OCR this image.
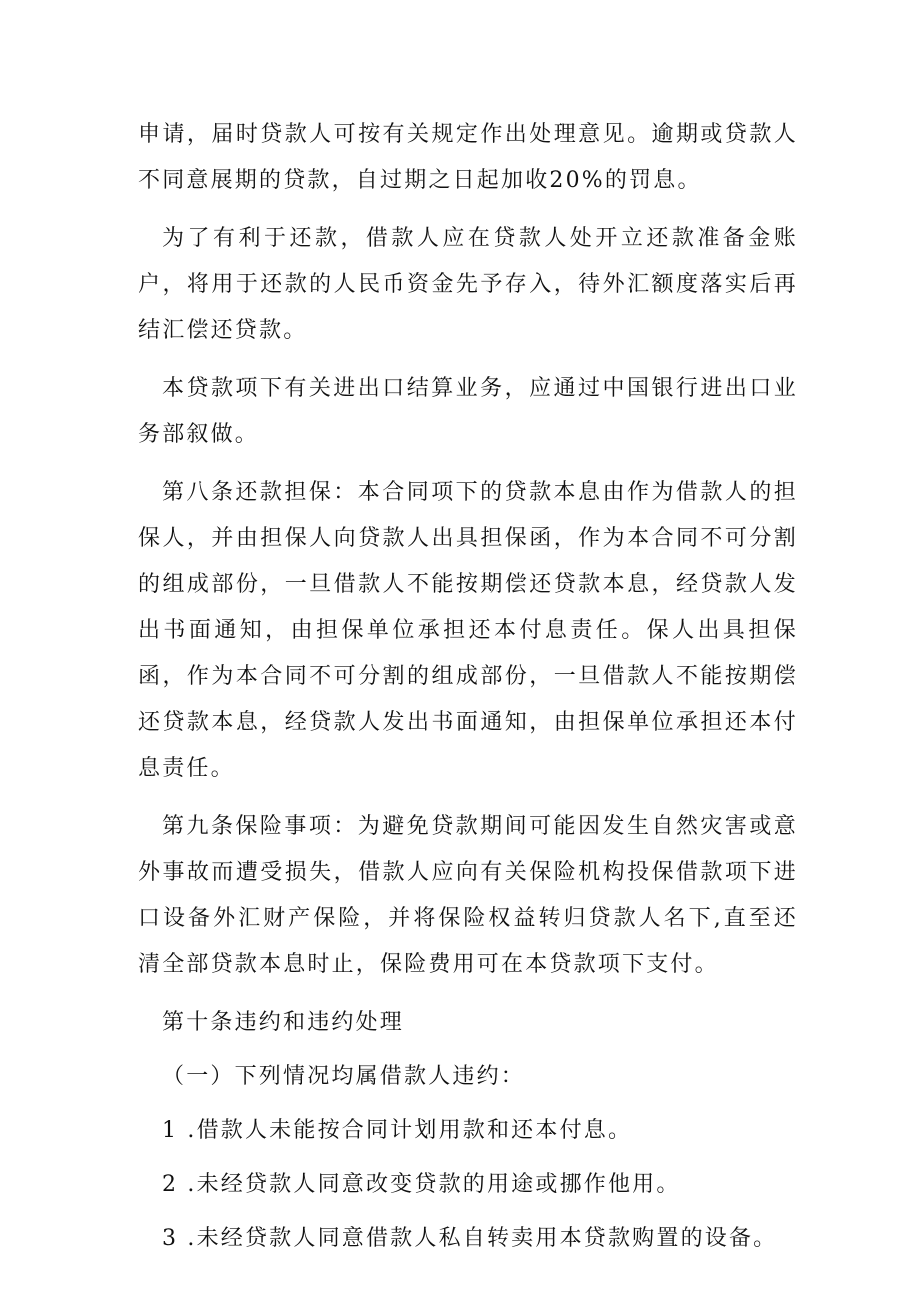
申请，届时贷款人可按有关规定作出处理意见。逾期或贷款人不同意展期的贷款，自过期之日起加收20%的罚息。

为了有利于还款，借款人应在贷款人处开立还款准备金账户，将用于还款的人民币资金先予存入，待外汇额度落实后再结汇偿还贷款。

本贷款项下有关进出口结算业务，应通过中国银行进出口业务部叙做。

第八条还款担保：本合同项下的贷款本息由作为借款人的担保人，并由担保人向贷款人出具担保函，作为本合同不可分割的组成部份，一旦借款人不能按期偿还贷款本息，经贷款人发出书面通知，由担保单位承担还本付息责任。保人出具担保函，作为本合同不可分割的组成部份，一旦借款人不能按期偿还贷款本息，经贷款人发出书面通知，由担保单位承担还本付息责任。

第九条保险事项：为避免贷款期间可能因发生自然灾害或意外事故而遭受损失，借款人应向有关保险机构投保借款项下进口设备外汇财产保险，并将保险权益转归贷款人名下,直至还清全部贷款本息时止，保险费用可在本贷款项下支付。

第十条违约和违约处理

（一）下列情况均属借款人违约：

1 .借款人未能按合同计划用款和还本付息。

2 .未经贷款人同意改变贷款的用途或挪作他用。

3 .未经贷款人同意借款人私自转卖用本贷款购置的设备。
